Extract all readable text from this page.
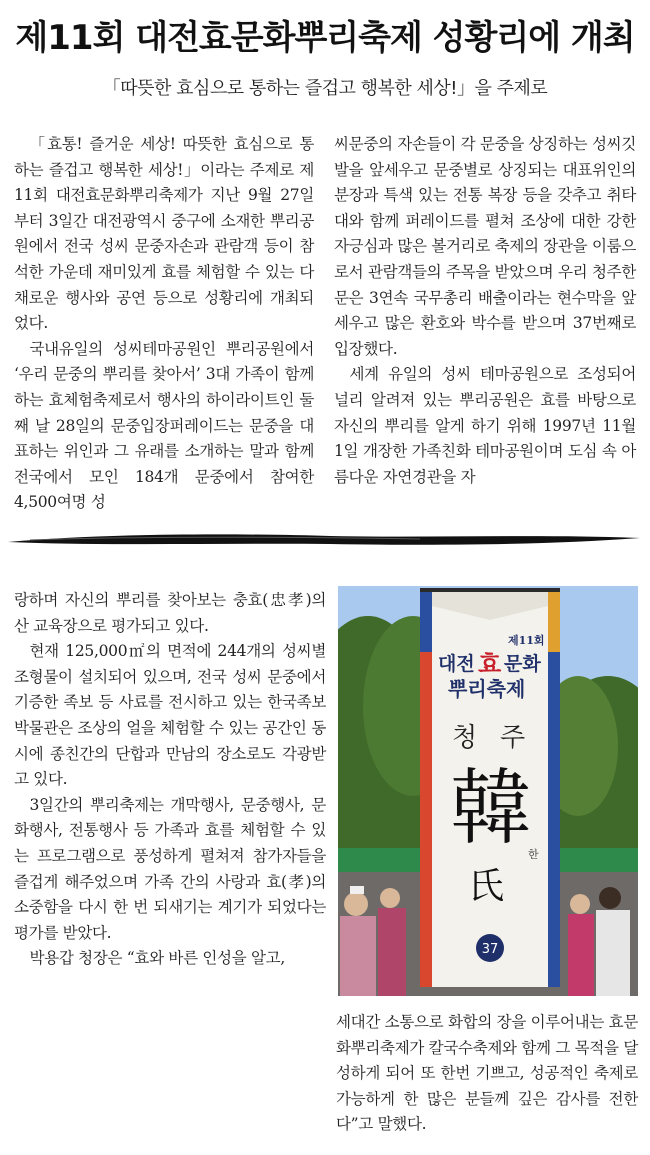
제11회 대전효문화뿌리축제 성황리에 개최
「따뜻한 효심으로 통하는 즐겁고 행복한 세상!」을 주제로

「효통! 즐거운 세상! 따뜻한 효심으로 통하는 즐겁고 행복한 세상!」이라는 주제로 제11회 대전효문화뿌리축제가 지난 9월 27일부터 3일간 대전광역시 중구에 소재한 뿌리공원에서 전국 성씨 문중자손과 관람객 등이 참석한 가운데 재미있게 효를 체험할 수 있는 다채로운 행사와 공연 등으로 성황리에 개최되었다.

국내유일의 성씨테마공원인 뿌리공원에서 ‘우리 문중의 뿌리를 찾아서’ 3대 가족이 함께 하는 효체험축제로서 행사의 하이라이트인 둘째 날 28일의 문중입장퍼레이드는 문중을 대표하는 위인과 그 유래를 소개하는 말과 함께 전국에서 모인 184개 문중에서 참여한 4,500여명 성

씨문중의 자손들이 각 문중을 상징하는 성씨깃발을 앞세우고 문중별로 상징되는 대표위인의 분장과 특색 있는 전통 복장 등을 갖추고 취타대와 함께 퍼레이드를 펼쳐 조상에 대한 강한 자긍심과 많은 볼거리로 축제의 장관을 이룸으로서 관람객들의 주목을 받았으며 우리 청주한문은 3연속 국무총리 배출이라는 현수막을 앞세우고 많은 환호와 박수를 받으며 37번째로 입장했다.

세계 유일의 성씨 테마공원으로 조성되어 널리 알려져 있는 뿌리공원은 효를 바탕으로 자신의 뿌리를 알게 하기 위해 1997년 11월 1일 개장한 가족친화 테마공원이며 도심 속 아름다운 자연경관을 자

랑하며 자신의 뿌리를 찾아보는 충효(忠孝)의 산 교육장으로 평가되고 있다.

현재 125,000㎡의 면적에 244개의 성씨별 조형물이 설치되어 있으며, 전국 성씨 문중에서 기증한 족보 등 사료를 전시하고 있는 한국족보박물관은 조상의 얼을 체험할 수 있는 공간인 동시에 종친간의 단합과 만남의 장소로도 각광받고 있다.

3일간의 뿌리축제는 개막행사, 문중행사, 문화행사, 전통행사 등 가족과 효를 체험할 수 있는 프로그램으로 풍성하게 펼쳐져 참가자들을 즐겁게 해주었으며 가족 간의 사랑과 효(孝)의 소중함을 다시 한 번 되새기는 계기가 되었다는 평가를 받았다.

박용갑 청장은 “효와 바른 인성을 알고,

제11회
대전 효 문화
뿌리축제
청 주
韓
한
氏
37

세대간 소통으로 화합의 장을 이루어내는 효문화뿌리축제가 칼국수축제와 함께 그 목적을 달성하게 되어 또 한번 기쁘고, 성공적인 축제로 가능하게 한 많은 분들께 깊은 감사를 전한다”고 말했다.
